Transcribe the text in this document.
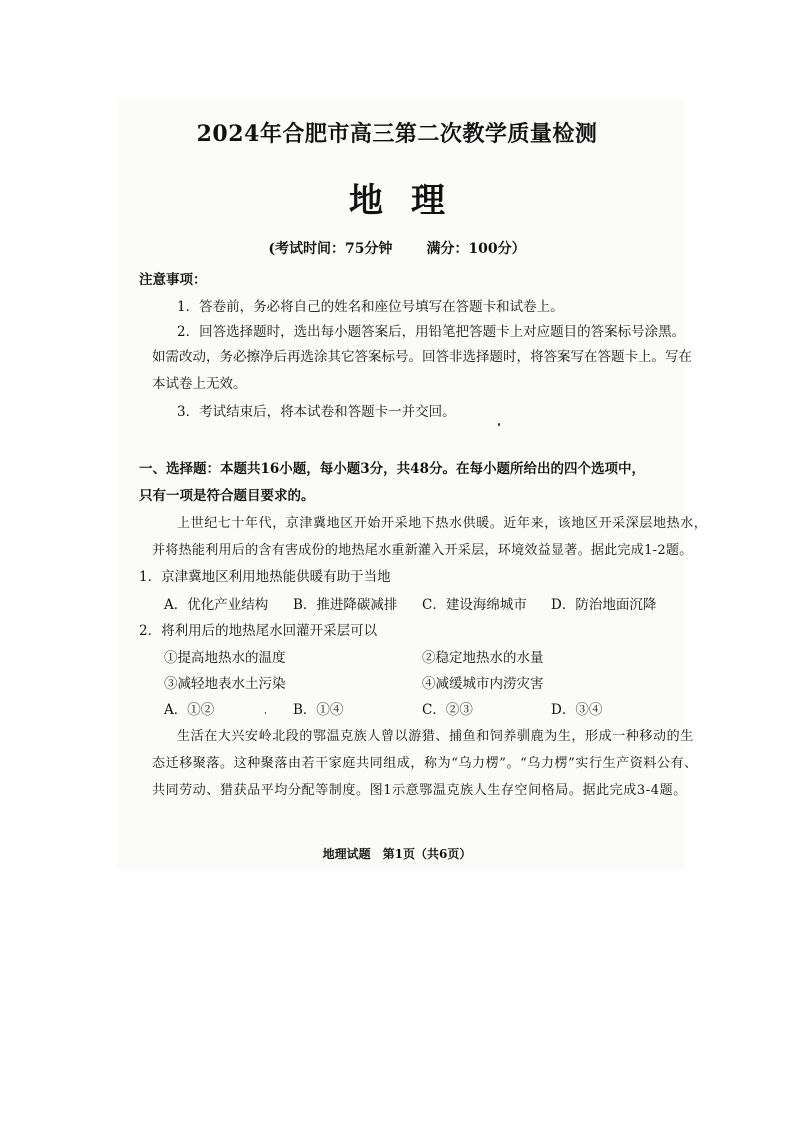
2024年合肥市高三第二次教学质量检测
地理
(考试时间：75分钟 满分：100分）
注意事项：
1．答卷前，务必将自己的姓名和座位号填写在答题卡和试卷上。
2．回答选择题时，选出每小题答案后，用铅笔把答题卡上对应题目的答案标号涂黑。
如需改动，务必擦净后再选涂其它答案标号。回答非选择题时，将答案写在答题卡上。写在
本试卷上无效。
3．考试结束后，将本试卷和答题卡一并交回。
一、选择题：本题共16小题，每小题3分，共48分。在每小题所给出的四个选项中，
只有一项是符合题目要求的。
上世纪七十年代，京津冀地区开始开采地下热水供暖。近年来，该地区开采深层地热水，
并将热能利用后的含有害成份的地热尾水重新灌入开采层，环境效益显著。据此完成1-2题。
1．京津冀地区利用地热能供暖有助于当地
A．优化产业结构 B．推进降碳减排 C．建设海绵城市 D．防治地面沉降
2．将利用后的地热尾水回灌开采层可以
①提高地热水的温度	②稳定地热水的水量
③减轻地表水土污染	④减缓城市内涝灾害
A．①②	B．①④	C．②③	D．③④
生活在大兴安岭北段的鄂温克族人曾以游猎、捕鱼和饲养驯鹿为生，形成一种移动的生
态迁移聚落。这种聚落由若干家庭共同组成，称为“乌力楞”。“乌力楞”实行生产资料公有、
共同劳动、猎获品平均分配等制度。图1示意鄂温克族人生存空间格局。据此完成3-4题。
地理试题　第1页（共6页）
